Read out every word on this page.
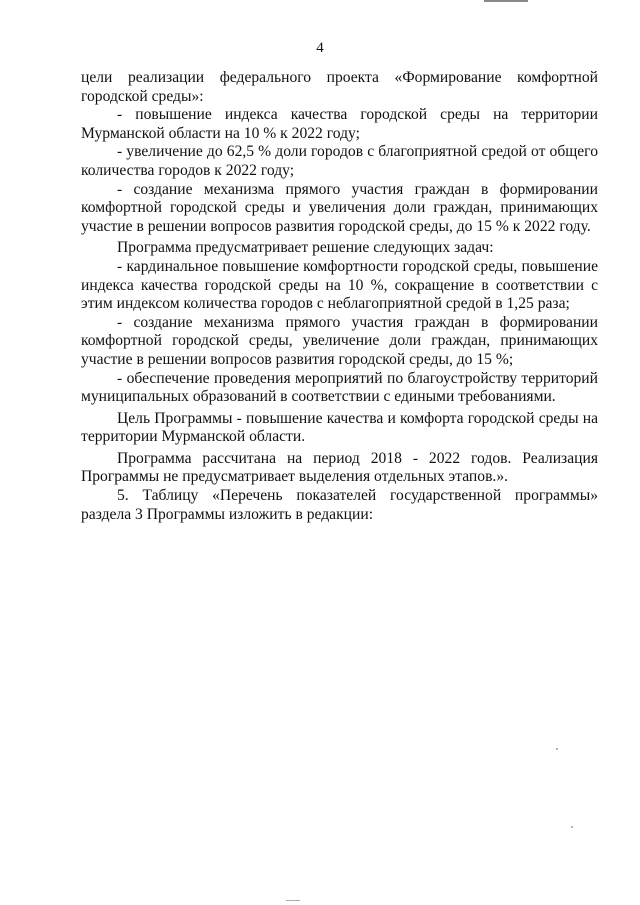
4

цели реализации федерального проекта «Формирование комфортной городской среды»:

- повышение индекса качества городской среды на территории Мурманской области на 10 % к 2022 году;

- увеличение до 62,5 % доли городов с благоприятной средой от общего количества городов к 2022 году;

- создание механизма прямого участия граждан в формировании комфортной городской среды и увеличения доли граждан, принимающих участие в решении вопросов развития городской среды, до 15 % к 2022 году.

Программа предусматривает решение следующих задач:

- кардинальное повышение комфортности городской среды, повышение индекса качества городской среды на 10 %, сокращение в соответствии с этим индексом количества городов с неблагоприятной средой в 1,25 раза;

- создание механизма прямого участия граждан в формировании комфортной городской среды, увеличение доли граждан, принимающих участие в решении вопросов развития городской среды, до 15 %;

- обеспечение проведения мероприятий по благоустройству территорий муниципальных образований в соответствии с едиными требованиями.

Цель Программы - повышение качества и комфорта городской среды на территории Мурманской области.

Программа рассчитана на период 2018 - 2022 годов. Реализация Программы не предусматривает выделения отдельных этапов.».

5. Таблицу «Перечень показателей государственной программы» раздела 3 Программы изложить в редакции:
